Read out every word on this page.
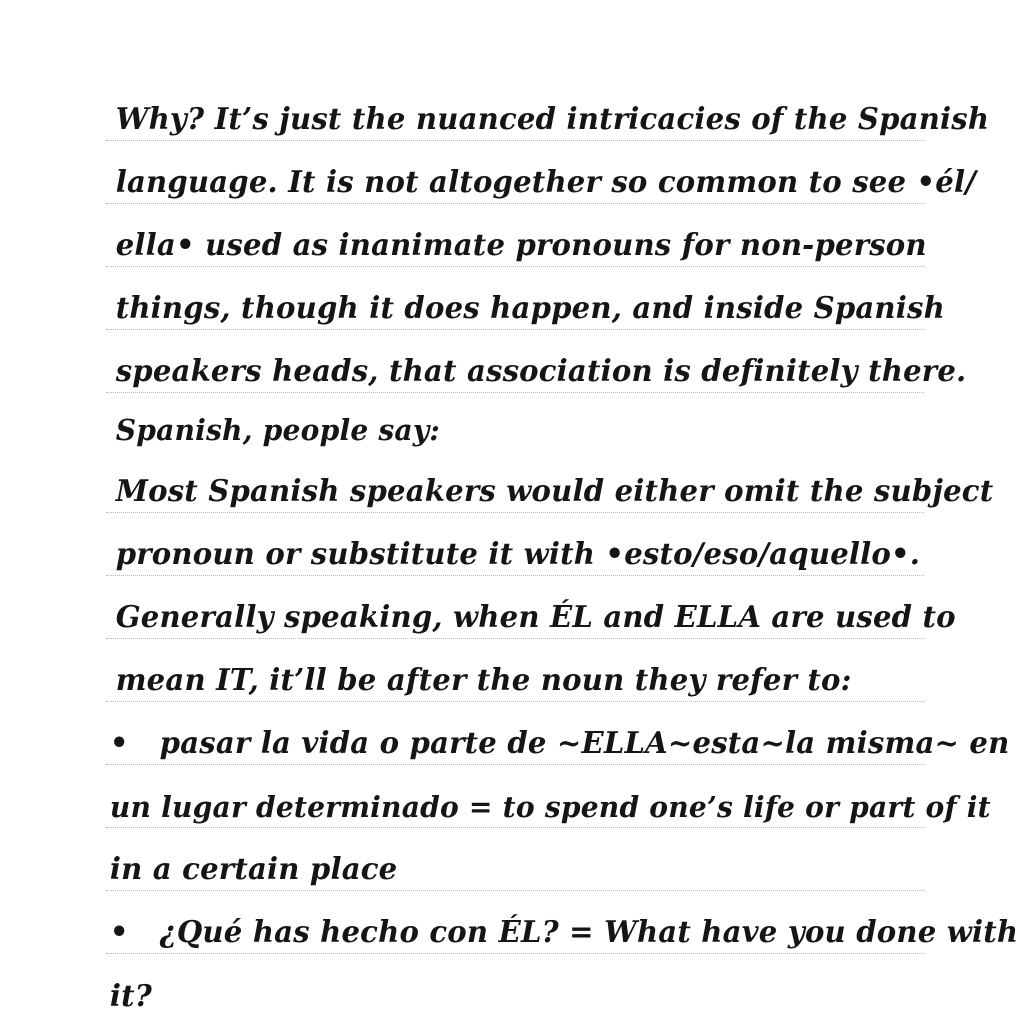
Why? It’s just the nuanced intricacies of the Spanish
language. It is not altogether so common to see •él/
ella• used as inanimate pronouns for non-person
things, though it does happen, and inside Spanish
speakers heads, that association is definitely there.
Spanish, people say:
Most Spanish speakers would either omit the subject
pronoun or substitute it with •esto/eso/aquello•.
Generally speaking, when ÉL and ELLA are used to
mean IT, it’ll be after the noun they refer to:
•   pasar la vida o parte de ~ELLA~esta~la misma~ en
un lugar determinado = to spend one’s life or part of it
in a certain place
•   ¿Qué has hecho con ÉL? = What have you done with
it?
